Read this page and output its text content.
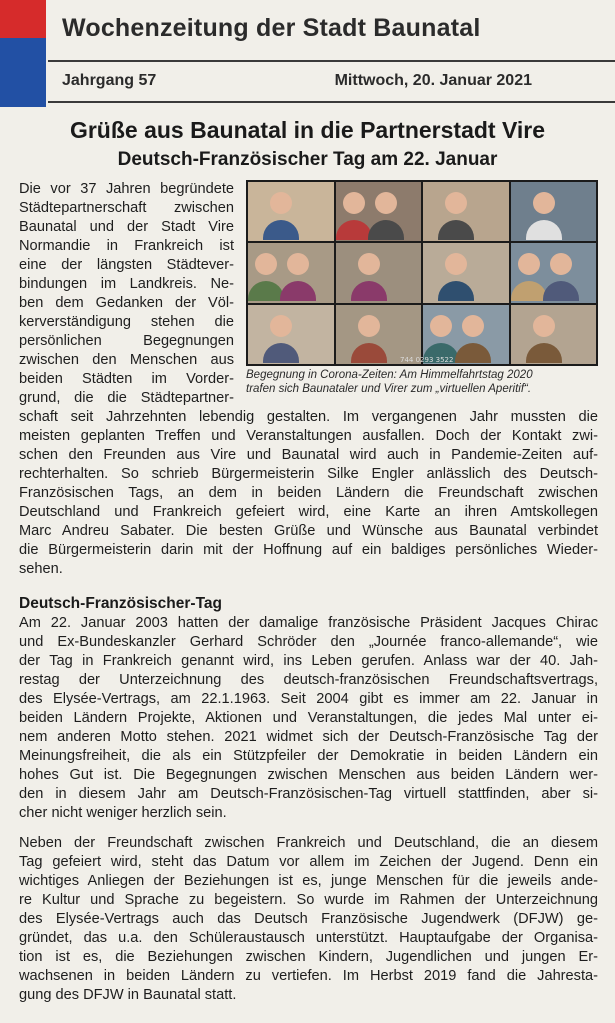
Wochenzeitung der Stadt Baunatal
Jahrgang 57	Mittwoch, 20. Januar 2021
Grüße aus Baunatal in die Partnerstadt Vire
Deutsch-Französischer Tag am 22. Januar
Die vor 37 Jahren begründete
Städtepartnerschaft zwischen
Baunatal und der Stadt Vire
Normandie in Frankreich ist
eine der längsten Städtever-
bindungen im Landkreis. Ne-
ben dem Gedanken der Völ-
kerverständigung stehen die
persönlichen Begegnungen
zwischen den Menschen aus
beiden Städten im Vorder-
grund, die die Städtepartner-
744 0293 3522
Begegnung in Corona-Zeiten: Am Himmelfahrtstag 2020
trafen sich Baunataler und Virer zum „virtuellen Aperitif“.
schaft seit Jahrzehnten lebendig gestalten. Im vergangenen Jahr mussten die
meisten geplanten Treffen und Veranstaltungen ausfallen. Doch der Kontakt zwi-
schen den Freunden aus Vire und Baunatal wird auch in Pandemie-Zeiten auf-
rechterhalten. So schrieb Bürgermeisterin Silke Engler anlässlich des Deutsch-
Französischen Tags, an dem in beiden Ländern die Freundschaft zwischen
Deutschland und Frankreich gefeiert wird, eine Karte an ihren Amtskollegen
Marc Andreu Sabater. Die besten Grüße und Wünsche aus Baunatal verbindet
die Bürgermeisterin darin mit der Hoffnung auf ein baldiges persönliches Wieder-
sehen.
Deutsch-Französischer-Tag
Am 22. Januar 2003 hatten der damalige französische Präsident Jacques Chirac
und Ex-Bundeskanzler Gerhard Schröder den „Journée franco-allemande“, wie
der Tag in Frankreich genannt wird, ins Leben gerufen. Anlass war der 40. Jah-
restag der Unterzeichnung des deutsch-französischen Freundschaftsvertrags,
des Elysée-Vertrags, am 22.1.1963. Seit 2004 gibt es immer am 22. Januar in
beiden Ländern Projekte, Aktionen und Veranstaltungen, die jedes Mal unter ei-
nem anderen Motto stehen. 2021 widmet sich der Deutsch-Französische Tag der
Meinungsfreiheit, die als ein Stützpfeiler der Demokratie in beiden Ländern ein
hohes Gut ist. Die Begegnungen zwischen Menschen aus beiden Ländern wer-
den in diesem Jahr am Deutsch-Französischen-Tag virtuell stattfinden, aber si-
cher nicht weniger herzlich sein.
Neben der Freundschaft zwischen Frankreich und Deutschland, die an diesem
Tag gefeiert wird, steht das Datum vor allem im Zeichen der Jugend. Denn ein
wichtiges Anliegen der Beziehungen ist es, junge Menschen für die jeweils ande-
re Kultur und Sprache zu begeistern. So wurde im Rahmen der Unterzeichnung
des Elysée-Vertrags auch das Deutsch Französische Jugendwerk (DFJW) ge-
gründet, das u.a. den Schüleraustausch unterstützt. Hauptaufgabe der Organisa-
tion ist es, die Beziehungen zwischen Kindern, Jugendlichen und jungen Er-
wachsenen in beiden Ländern zu vertiefen. Im Herbst 2019 fand die Jahresta-
gung des DFJW in Baunatal statt.
